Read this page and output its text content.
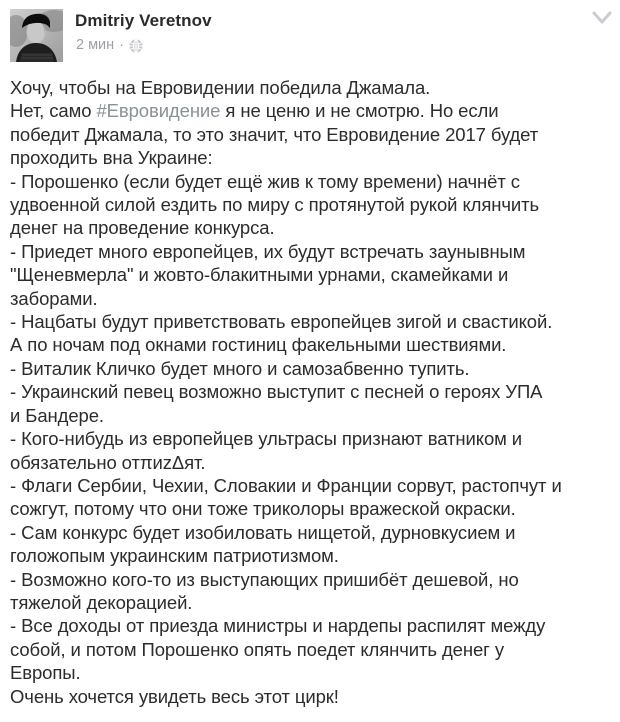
Dmitriy Veretnov
2 мин ·
Хочу, чтобы на Евровидении победила Джамала.
Нет, само #Евровидение я не ценю и не смотрю. Но если
победит Джамала, то это значит, что Евровидение 2017 будет
проходить вна Украине:
- Порошенко (если будет ещё жив к тому времени) начнёт с
удвоенной силой ездить по миру с протянутой рукой клянчить
денег на проведение конкурса.
- Приедет много европейцев, их будут встречать заунывным
"Щеневмерла" и жовто-блакитными урнами, скамейками и
заборами.
- Нацбаты будут приветствовать европейцев зигой и свастикой.
А по ночам под окнами гостиниц факельными шествиями.
- Виталик Кличко будет много и самозабвенно тупить.
- Украинский певец возможно выступит с песней о героях УПА
и Бандере.
- Кого-нибудь из европейцев ультрасы признают ватником и
обязательно отπиzΔят.
- Флаги Сербии, Чехии, Словакии и Франции сорвут, растопчут и
сожгут, потому что они тоже триколоры вражеской окраски.
- Сам конкурс будет изобиловать нищетой, дурновкусием и
голожопым украинским патриотизмом.
- Возможно кого-то из выступающих пришибёт дешевой, но
тяжелой декорацией.
- Все доходы от приезда министры и нардепы распилят между
собой, и потом Порошенко опять поедет клянчить денег у
Европы.
Очень хочется увидеть весь этот цирк!
